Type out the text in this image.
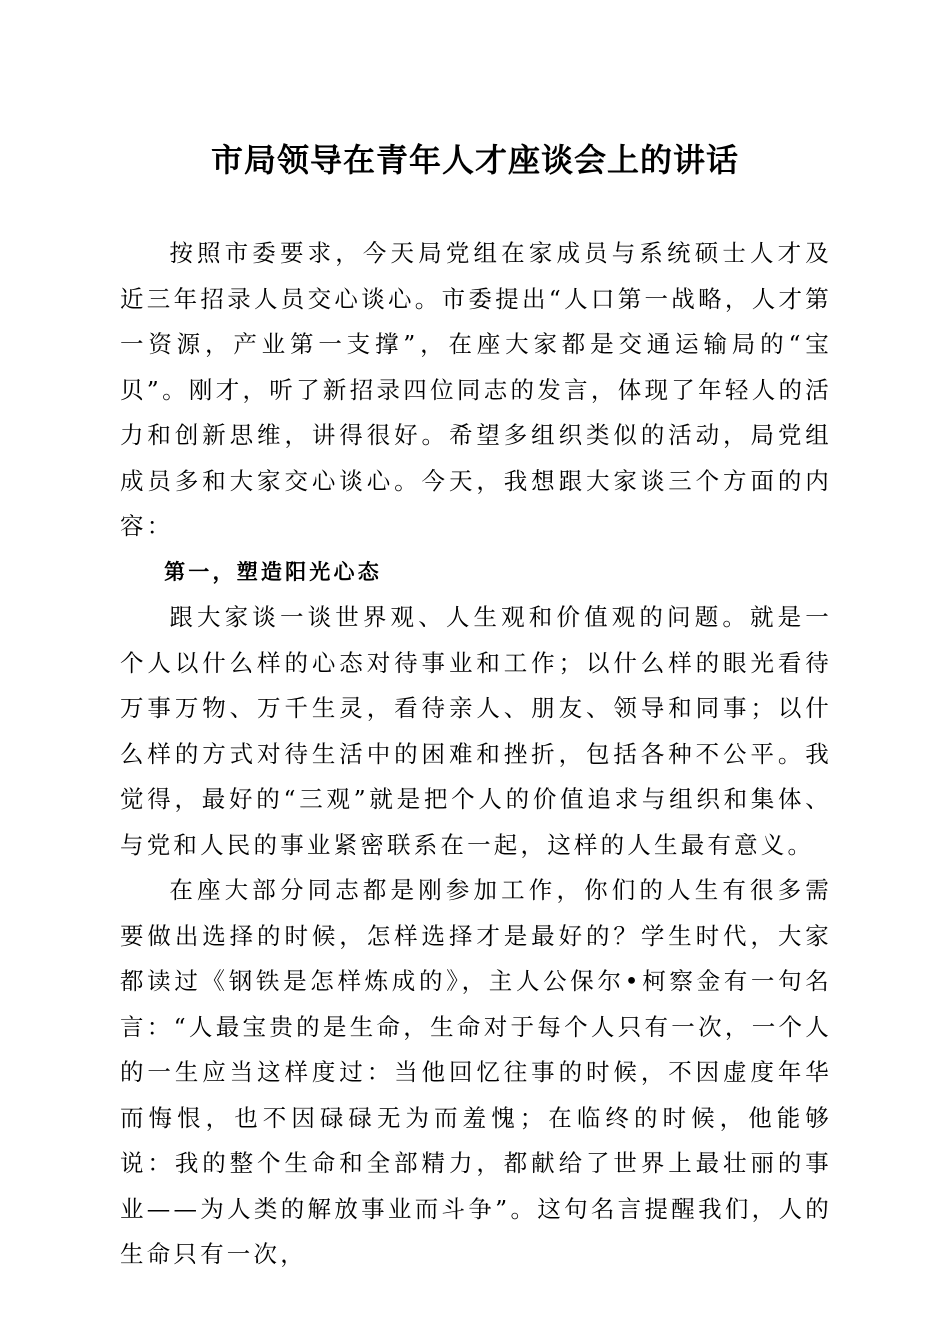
市局领导在青年人才座谈会上的讲话

按照市委要求，今天局党组在家成员与系统硕士人才及近三年招录人员交心谈心。市委提出“人口第一战略，人才第一资源，产业第一支撑”，在座大家都是交通运输局的“宝贝”。刚才，听了新招录四位同志的发言，体现了年轻人的活力和创新思维，讲得很好。希望多组织类似的活动，局党组成员多和大家交心谈心。今天，我想跟大家谈三个方面的内容：

第一，塑造阳光心态

跟大家谈一谈世界观、人生观和价值观的问题。就是一个人以什么样的心态对待事业和工作；以什么样的眼光看待万事万物、万千生灵，看待亲人、朋友、领导和同事；以什么样的方式对待生活中的困难和挫折，包括各种不公平。我觉得，最好的“三观”就是把个人的价值追求与组织和集体、与党和人民的事业紧密联系在一起，这样的人生最有意义。

在座大部分同志都是刚参加工作，你们的人生有很多需要做出选择的时候，怎样选择才是最好的？学生时代，大家都读过《钢铁是怎样炼成的》，主人公保尔•柯察金有一句名言：“人最宝贵的是生命，生命对于每个人只有一次，一个人的一生应当这样度过：当他回忆往事的时候，不因虚度年华而悔恨，也不因碌碌无为而羞愧；在临终的时候，他能够说：我的整个生命和全部精力，都献给了世界上最壮丽的事业——为人类的解放事业而斗争”。这句名言提醒我们，人的生命只有一次，
